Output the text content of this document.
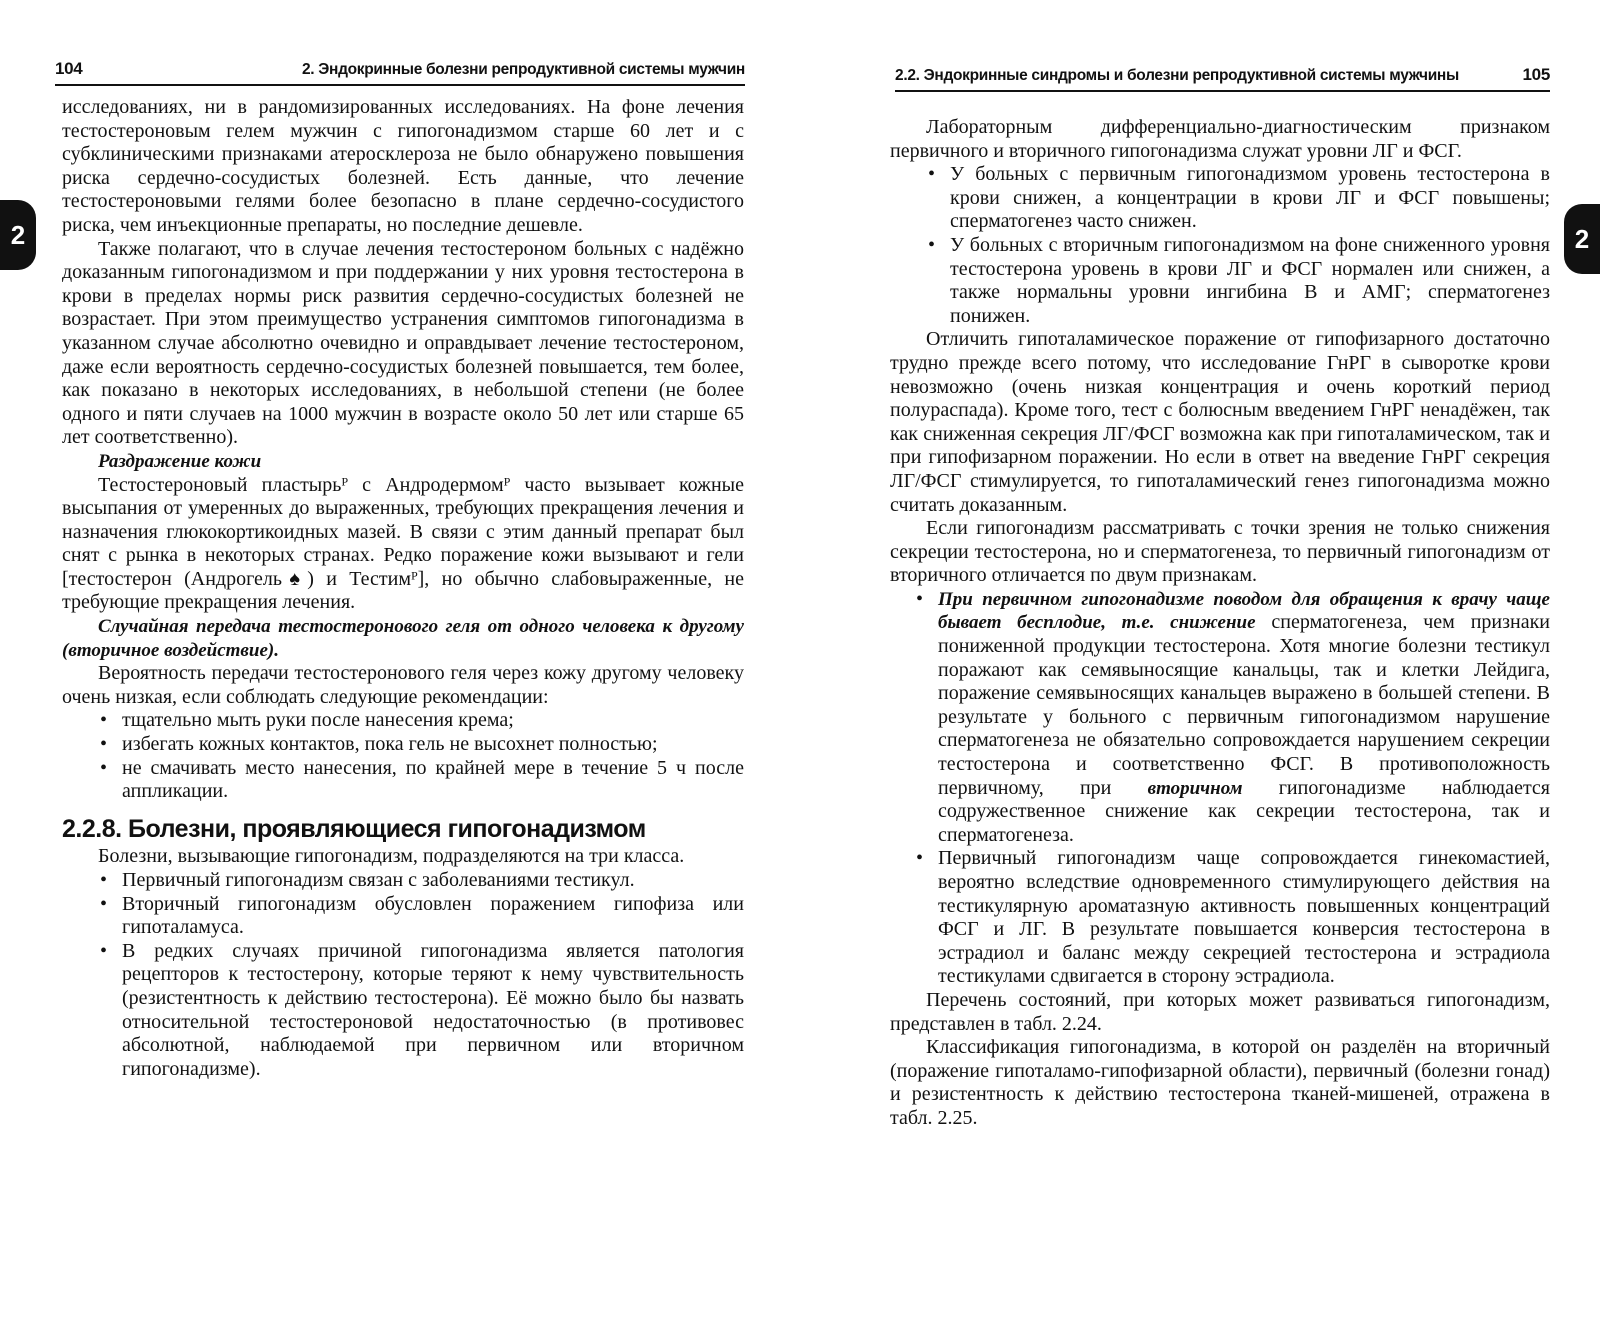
104	2. Эндокринные болезни репродуктивной системы мужчин
2

исследованиях, ни в рандомизированных исследованиях. На фоне лечения тестостероновым гелем мужчин с гипогонадизмом старше 60 лет и с субклиническими признаками атеросклероза не было обнаружено повышения риска сердечно-сосудистых болезней. Есть данные, что лечение тестостероновыми гелями более безопасно в плане сердечно-сосудистого риска, чем инъекционные препараты, но последние дешевле.

Также полагают, что в случае лечения тестостероном больных с надёжно доказанным гипогонадизмом и при поддержании у них уровня тестостерона в крови в пределах нормы риск развития сердечно-сосудистых болезней не возрастает. При этом преимущество устранения симптомов гипогонадизма в указанном случае абсолютно очевидно и оправдывает лечение тестостероном, даже если вероятность сердечно-сосудистых болезней повышается, тем более, как показано в некоторых исследованиях, в небольшой степени (не более одного и пяти случаев на 1000 мужчин в возрасте около 50 лет или старше 65 лет соответственно).

Раздражение кожи

Тестостероновый пластырьᴾ с Андродермомᴾ часто вызывает кожные высыпания от умеренных до выраженных, требующих прекращения лечения и назначения глюкокортикоидных мазей. В связи с этим данный препарат был снят с рынка в некоторых странах. Редко поражение кожи вызывают и гели [тестостерон (Андрогель♠) и Тестимᴾ], но обычно слабовыраженные, не требующие прекращения лечения.

Случайная передача тестостеронового геля от одного человека к другому (вторичное воздействие).

Вероятность передачи тестостеронового геля через кожу другому человеку очень низкая, если соблюдать следующие рекомендации:

• тщательно мыть руки после нанесения крема;
• избегать кожных контактов, пока гель не высохнет полностью;
• не смачивать место нанесения, по крайней мере в течение 5 ч после аппликации.
2.2.8. Болезни, проявляющиеся гипогонадизмом

Болезни, вызывающие гипогонадизм, подразделяются на три класса.

• Первичный гипогонадизм связан с заболеваниями тестикул.
• Вторичный гипогонадизм обусловлен поражением гипофиза или гипоталамуса.
• В редких случаях причиной гипогонадизма является патология рецепторов к тестостерону, которые теряют к нему чувствительность (резистентность к действию тестостерона). Её можно было бы назвать относительной тестостероновой недостаточностью (в противовес абсолютной, наблюдаемой при первичном или вторичном гипогонадизме).
2.2. Эндокринные синдромы и болезни репродуктивной системы мужчины	105
2

Лабораторным дифференциально-диагностическим признаком первичного и вторичного гипогонадизма служат уровни ЛГ и ФСГ.

• У больных с первичным гипогонадизмом уровень тестостерона в крови снижен, а концентрации в крови ЛГ и ФСГ повышены; сперматогенез часто снижен.
• У больных с вторичным гипогонадизмом на фоне сниженного уровня тестостерона уровень в крови ЛГ и ФСГ нормален или снижен, а также нормальны уровни ингибина В и АМГ; сперматогенез понижен.

Отличить гипоталамическое поражение от гипофизарного достаточно трудно прежде всего потому, что исследование ГнРГ в сыворотке крови невозможно (очень низкая концентрация и очень короткий период полураспада). Кроме того, тест с болюсным введением ГнРГ ненадёжен, так как сниженная секреция ЛГ/ФСГ возможна как при гипоталамическом, так и при гипофизарном поражении. Но если в ответ на введение ГнРГ секреция ЛГ/ФСГ стимулируется, то гипоталамический генез гипогонадизма можно считать доказанным.

Если гипогонадизм рассматривать с точки зрения не только снижения секреции тестостерона, но и сперматогенеза, то первичный гипогонадизм от вторичного отличается по двум признакам.

• При первичном гипогонадизме поводом для обращения к врачу чаще бывает бесплодие, т.е. снижение сперматогенеза, чем признаки пониженной продукции тестостерона. Хотя многие болезни тестикул поражают как семявыносящие канальцы, так и клетки Лейдига, поражение семявыносящих канальцев выражено в большей степени. В результате у больного с первичным гипогонадизмом нарушение сперматогенеза не обязательно сопровождается нарушением секреции тестостерона и соответственно ФСГ. В противоположность первичному, при вторичном гипогонадизме наблюдается содружественное снижение как секреции тестостерона, так и сперматогенеза.
• Первичный гипогонадизм чаще сопровождается гинекомастией, вероятно вследствие одновременного стимулирующего действия на тестикулярную ароматазную активность повышенных концентраций ФСГ и ЛГ. В результате повышается конверсия тестостерона в эстрадиол и баланс между секрецией тестостерона и эстрадиола тестикулами сдвигается в сторону эстрадиола.

Перечень состояний, при которых может развиваться гипогонадизм, представлен в табл. 2.24.

Классификация гипогонадизма, в которой он разделён на вторичный (поражение гипоталамо-гипофизарной области), первичный (болезни гонад) и резистентность к действию тестостерона тканей-мишеней, отражена в табл. 2.25.
